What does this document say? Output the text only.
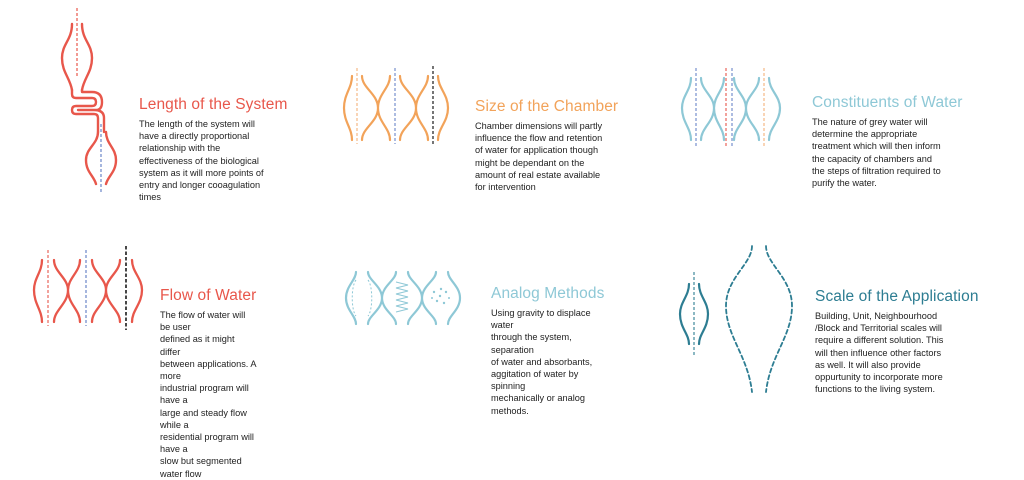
Length of the System

The length of the system will
have a directly proportional
relationship with the
effectiveness of the biological
system as it will more points of
entry and longer cooagulation
times

Size of the Chamber

Chamber dimensions will partly
influence the flow and retention
of water for application though
might be dependant on the
amount of real estate available
for intervention

Constituents of Water

The nature of grey water will
determine the appropriate
treatment which will then inform
the capacity of chambers and
the steps of filtration required to
purify the water.

Flow of Water

The flow of water will be user
defined as it might differ
between applications. A more
industrial program will have a
large and steady flow while a
residential program will have a
slow but segmented water flow

Analog Methods

Using gravity to displace water
through the system, separation
of water and absorbants,
aggitation of water by spinning
mechanically or analog
methods.

Scale of the Application

Building, Unit, Neighbourhood
/Block and Territorial scales will
require a different solution. This
will then influence other factors
as well. It will also provide
oppurtunity to incorporate more
functions to the living system.
